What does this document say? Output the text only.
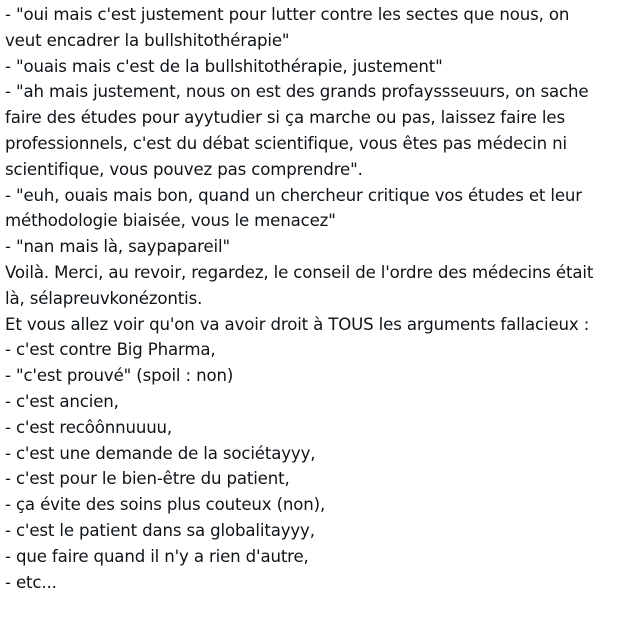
- "oui mais c'est justement pour lutter contre les sectes que nous, on
veut encadrer la bullshitothérapie"
- "ouais mais c'est de la bullshitothérapie, justement"
- "ah mais justement, nous on est des grands profayssseuurs, on sache
faire des études pour ayytudier si ça marche ou pas, laissez faire les
professionnels, c'est du débat scientifique, vous êtes pas médecin ni
scientifique, vous pouvez pas comprendre".
- "euh, ouais mais bon, quand un chercheur critique vos études et leur
méthodologie biaisée, vous le menacez"
- "nan mais là, saypapareil"
Voilà. Merci, au revoir, regardez, le conseil de l'ordre des médecins était
là, sélapreuvkonézontis.
Et vous allez voir qu'on va avoir droit à TOUS les arguments fallacieux :
- c'est contre Big Pharma,
- "c'est prouvé" (spoil : non)
- c'est ancien,
- c'est recôônnuuuu,
- c'est une demande de la sociétayyy,
- c'est pour le bien-être du patient,
- ça évite des soins plus couteux (non),
- c'est le patient dans sa globalitayyy,
- que faire quand il n'y a rien d'autre,
- etc...
